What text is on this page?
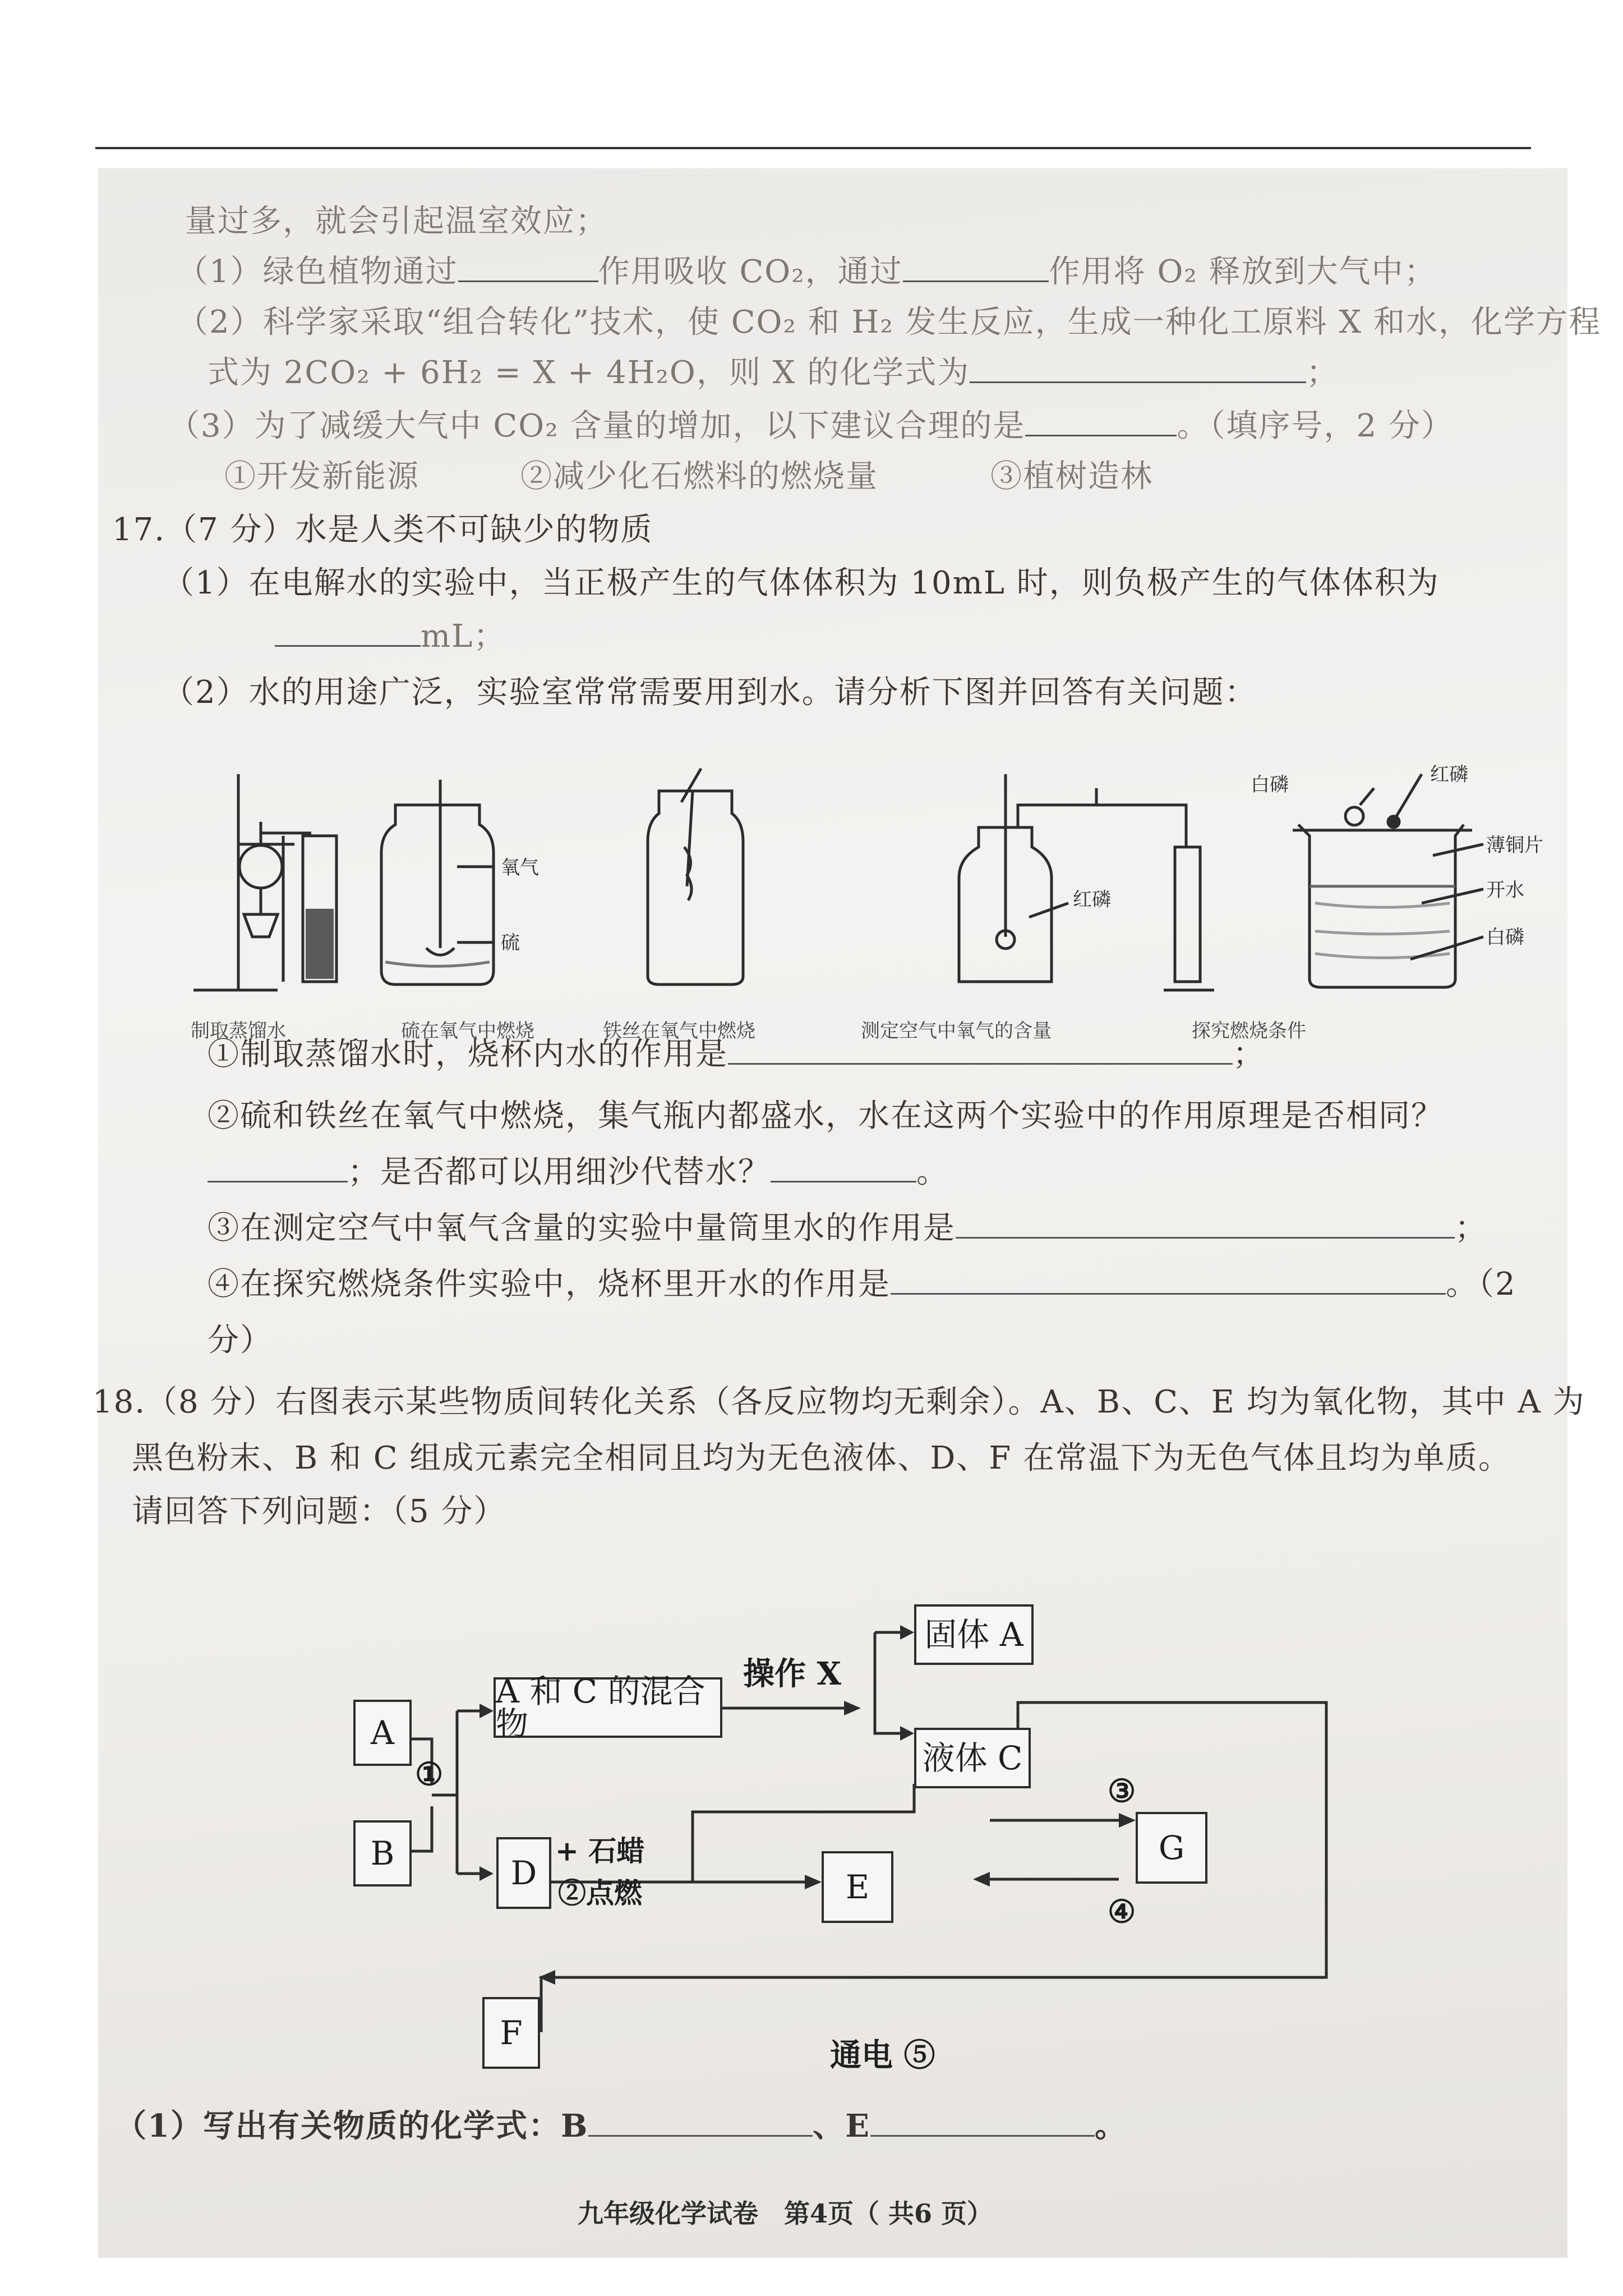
量过多，就会引起温室效应；
（1）绿色植物通过	作用吸收 CO₂，通过	作用将 O₂ 释放到大气中；
（2）科学家采取“组合转化”技术，使 CO₂ 和 H₂ 发生反应，生成一种化工原料 X 和水，化学方程
式为 2CO₂ + 6H₂ = X + 4H₂O，则 X 的化学式为	；
（3）为了减缓大气中 CO₂ 含量的增加，以下建议合理的是	。（填序号，2 分）
①开发新能源	②减少化石燃料的燃烧量	③植树造林
17.（7 分）水是人类不可缺少的物质
（1）在电解水的实验中，当正极产生的气体体积为 10mL 时，则负极产生的气体体积为
mL；
（2）水的用途广泛，实验室常常需要用到水。请分析下图并回答有关问题：
氧气
硫
红磷
白磷	红磷
薄铜片
开水
白磷
制取蒸馏水	硫在氧气中燃烧	铁丝在氧气中燃烧	测定空气中氧气的含量	探究燃烧条件
①制取蒸馏水时，烧杯内水的作用是	；
②硫和铁丝在氧气中燃烧，集气瓶内都盛水，水在这两个实验中的作用原理是否相同？
；是否都可以用细沙代替水？	。
③在测定空气中氧气含量的实验中量筒里水的作用是	；
④在探究燃烧条件实验中，烧杯里开水的作用是	。（2
分）
18.（8 分）右图表示某些物质间转化关系（各反应物均无剩余）。A、B、C、E 均为氧化物，其中 A 为
黑色粉末、B 和 C 组成元素完全相同且均为无色液体、D、F 在常温下为无色气体且均为单质。
请回答下列问题：（5 分）
A
B
D
F
A 和 C 的混合物
固体 A
液体 C
E
G
操作 X
①
+ 石蜡
②点燃
③
④
通电 ⑤
（1）写出有关物质的化学式：B	、E	。
九年级化学试卷　第4页（ 共6 页）
